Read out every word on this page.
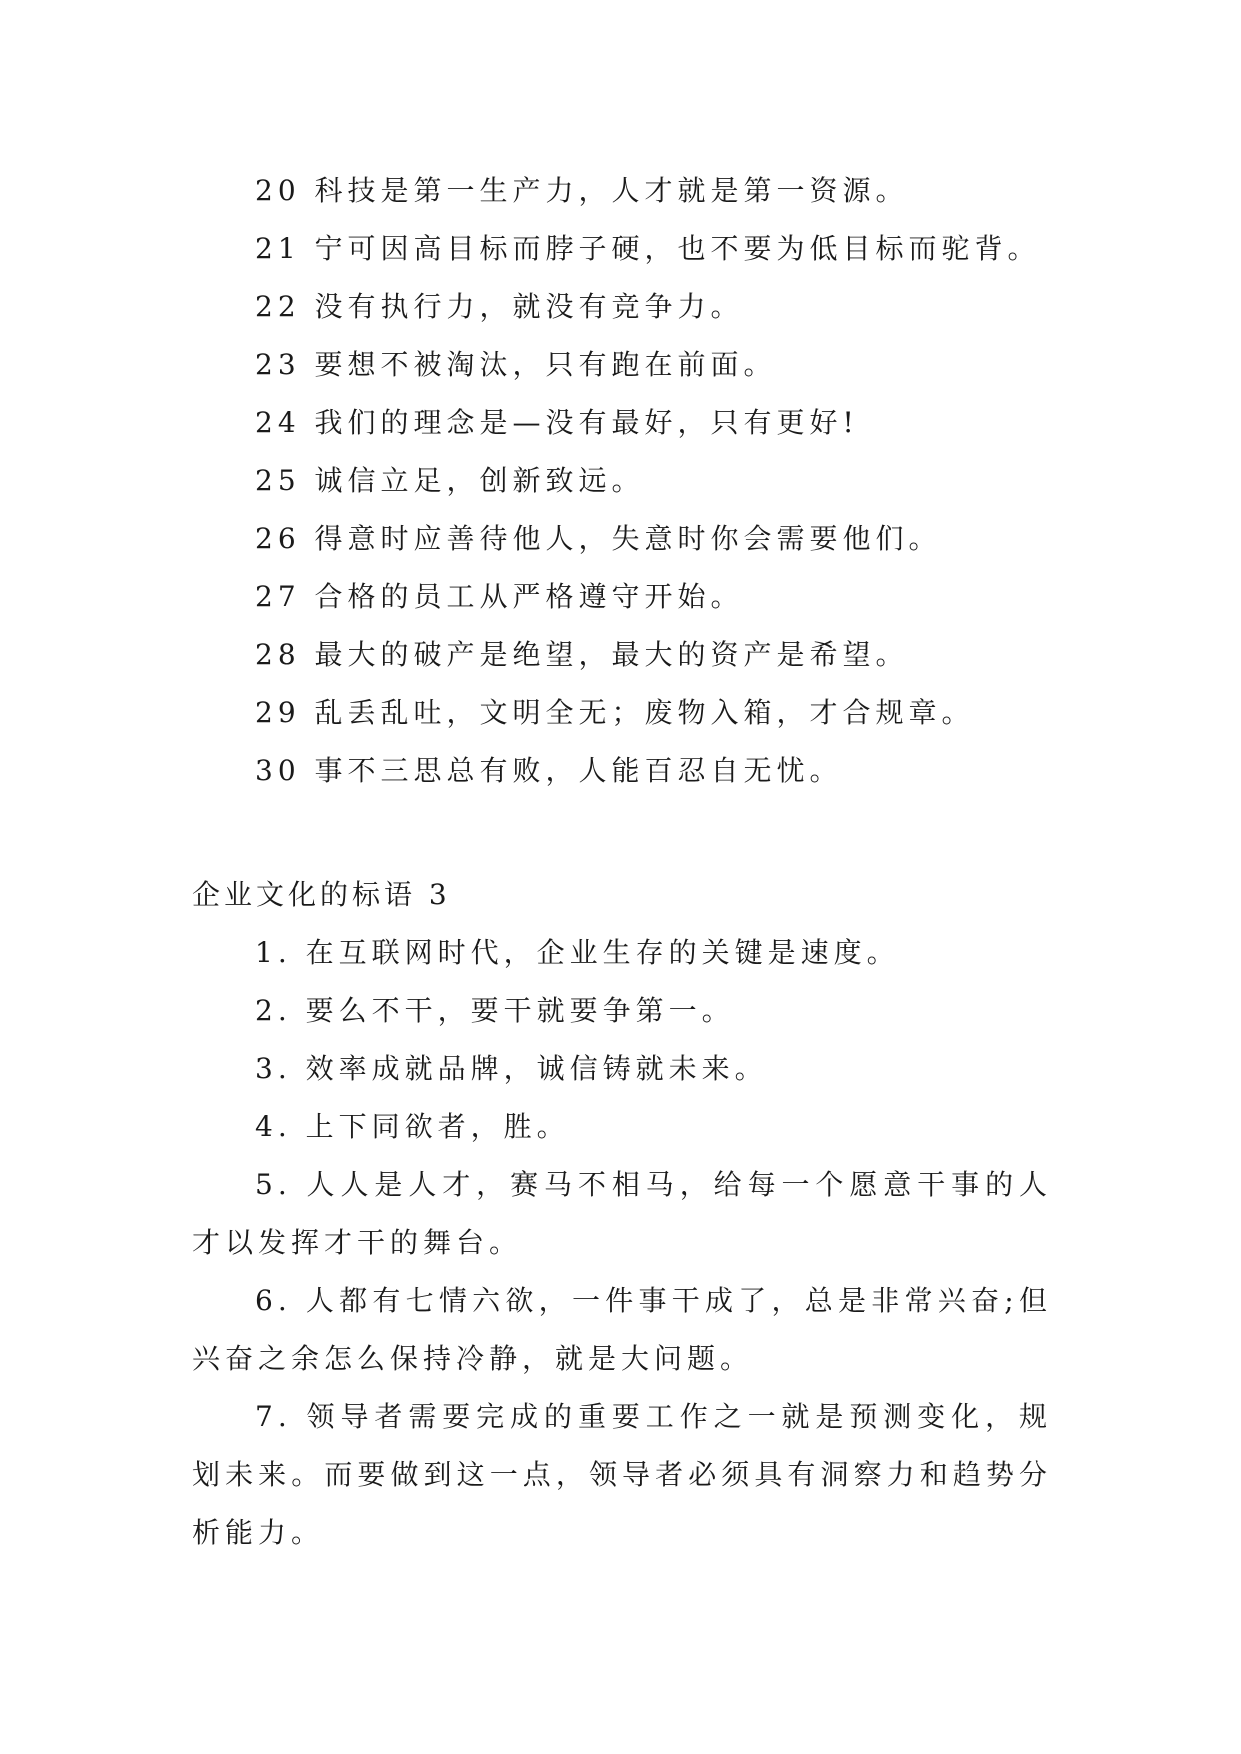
20 科技是第一生产力，人才就是第一资源。
21 宁可因高目标而脖子硬，也不要为低目标而驼背。
22 没有执行力，就没有竞争力。
23 要想不被淘汰，只有跑在前面。
24 我们的理念是—没有最好，只有更好!
25 诚信立足，创新致远。
26 得意时应善待他人，失意时你会需要他们。
27 合格的员工从严格遵守开始。
28 最大的破产是绝望，最大的资产是希望。
29 乱丢乱吐，文明全无；废物入箱，才合规章。
30 事不三思总有败，人能百忍自无忧。
企业文化的标语 3
1. 在互联网时代，企业生存的关键是速度。
2. 要么不干，要干就要争第一。
3. 效率成就品牌，诚信铸就未来。
4. 上下同欲者，胜。

5. 人人是人才，赛马不相马，给每一个愿意干事的人才以发挥才干的舞台。

6. 人都有七情六欲，一件事干成了，总是非常兴奋;但兴奋之余怎么保持冷静，就是大问题。

7. 领导者需要完成的重要工作之一就是预测变化，规划未来。而要做到这一点，领导者必须具有洞察力和趋势分析能力。
